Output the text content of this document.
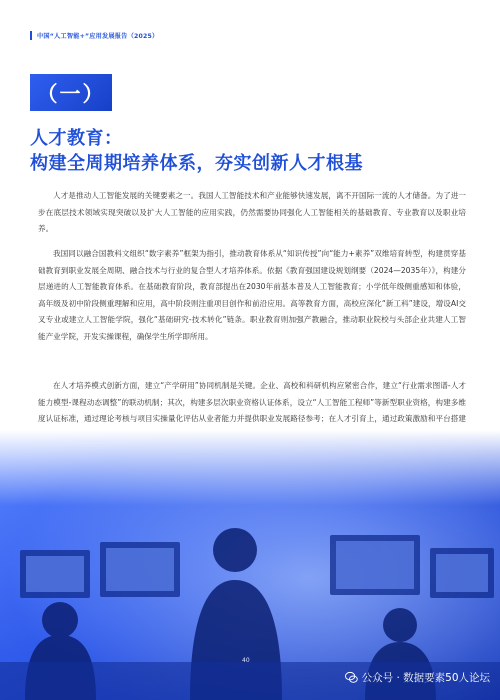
中国“人工智能+”应用发展报告（2025）
（一）
人才教育：
构建全周期培养体系，夯实创新人才根基

人才是推动人工智能发展的关键要素之一。我国人工智能技术和产业能够快速发展，离不开国际一流的人才储备。为了进一步在底层技术领域实现突破以及扩大人工智能的应用实践，仍然需要协同强化人工智能相关的基础教育、专业教育以及职业培养。

我国同以融合国教科文组织“数字素养”框架为指引，推动教育体系从“知识传授”向“能力+素养”双维培育转型，构建贯穿基础教育到职业发展全周期、融合技术与行业的复合型人才培养体系。依据《教育强国建设规划纲要（2024—2035年）》，构建分层递进的人工智能教育体系。在基础教育阶段，教育部提出在2030年前基本普及人工智能教育；小学低年级侧重感知和体验，高年级及初中阶段侧重理解和应用，高中阶段则注重项目创作和前沿应用。高等教育方面，高校应深化“新工科”建设，增设AI交叉专业或建立人工智能学院，强化“基础研究-技术转化”链条。职业教育则加强产教融合，推动职业院校与头部企业共建人工智能产业学院，开发实操课程，确保学生所学即所用。

在人才培养模式创新方面，建立“产学研用”协同机制是关键。企业、高校和科研机构应紧密合作，建立“行业需求图谱-人才能力模型-课程动态调整”的联动机制；其次，构建多层次职业资格认证体系，设立“人工智能工程师”等新型职业资格，构建多维度认证标准，通过理论考核与项目实操量化评估从业者能力并提供职业发展路径参考；在人才引育上，通过政策激励和平台搭建

40
公众号 · 数据要素50人论坛
